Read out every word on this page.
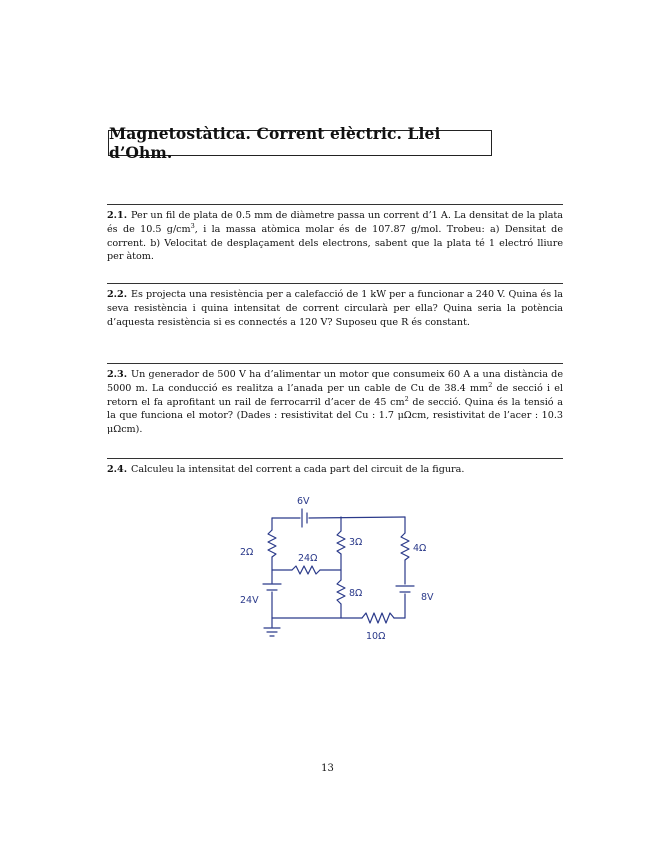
Magnetostàtica. Corrent elèctric. Llei d’Ohm.
2.1. Per un fil de plata de 0.5 mm de diàmetre passa un corrent d’1 A. La densitat de la plata és de 10.5 $g/cm^3$, i la massa atòmica molar és de 107.87 g/mol. Trobeu: a) Densitat de corrent. b) Velocitat de desplaçament dels electrons, sabent que la plata té 1 electró lliure per àtom.
2.2. Es projecta una resistència per a calefacció de 1 kW per a funcionar a 240 V. Quina és la seva resistència i quina intensitat de corrent circularà per ella? Quina seria la potència d’aquesta resistència si es connectés a 120 V? Suposeu que R és constant.
2.3. Un generador de 500 V ha d’alimentar un motor que consumeix 60 A a una distància de 5000 m. La conducció es realitza a l’anada per un cable de Cu de 38.4 $mm^2$ de secció i el retorn el fa aprofitant un rail de ferrocarril d’acer de 45 $cm^2$ de secció. Quina és la tensió a la que funciona el motor? (Dades : resistivitat del Cu : 1.7 μΩcm, resistivitat de l’acer : 10.3 μΩcm).
2.4. Calculeu la intensitat del corrent a cada part del circuit de la figura.
6V
2Ω
24Ω
3Ω
8Ω
4Ω
24V	8V
10Ω
13
